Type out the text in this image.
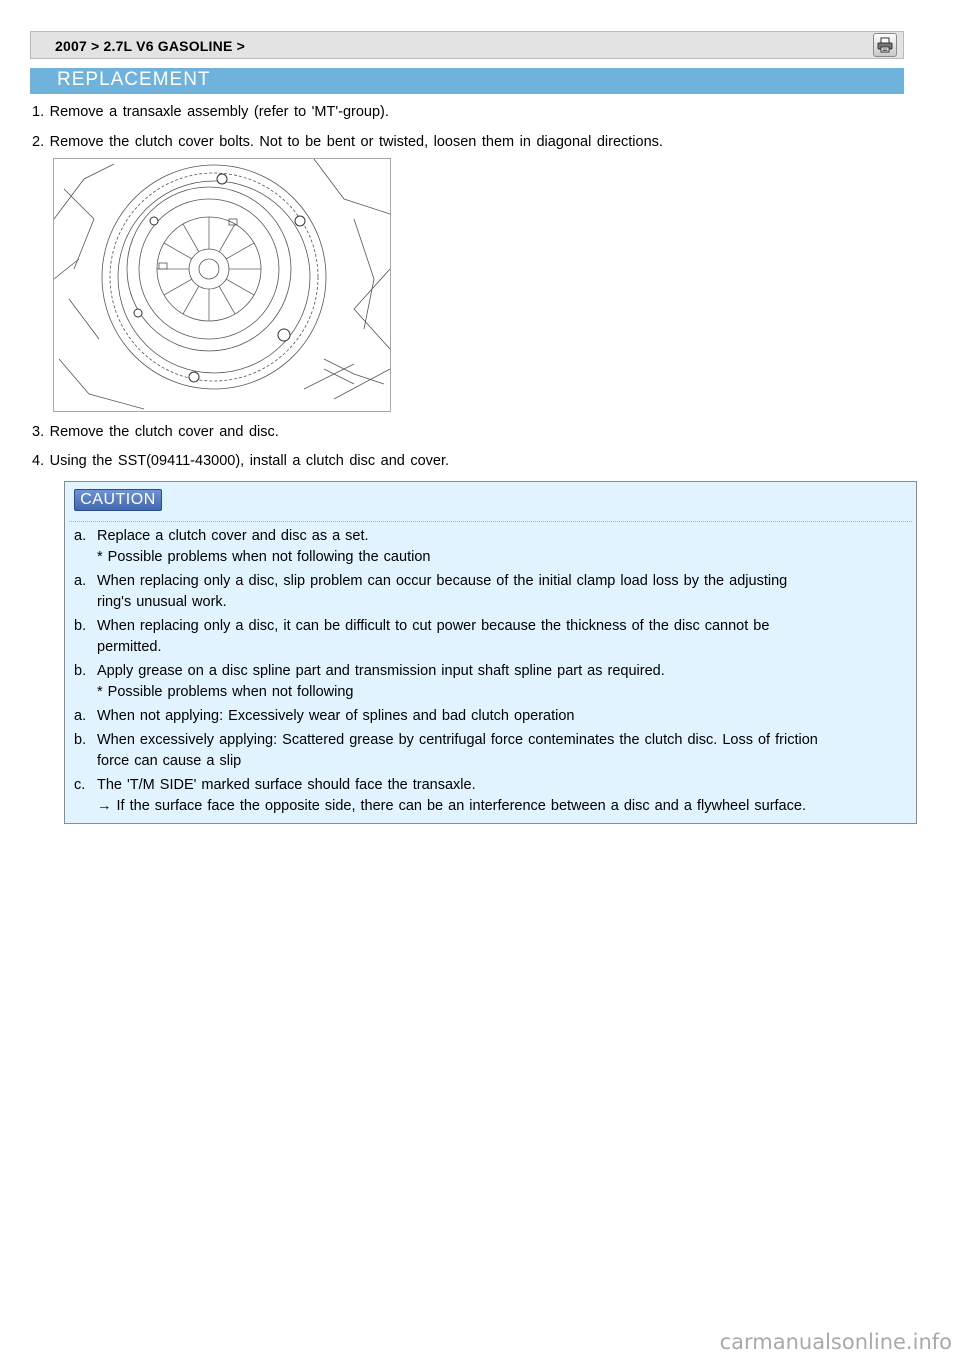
2007 > 2.7L V6 GASOLINE >
REPLACEMENT
1. Remove a transaxle assembly (refer to 'MT'-group).
2. Remove the clutch cover bolts. Not to be bent or twisted, loosen them in diagonal directions.
3. Remove the clutch cover and disc.
4. Using the SST(09411-43000), install a clutch disc and cover.
CAUTION
a. Replace a clutch cover and disc as a set.
* Possible problems when not following the caution
a. When replacing only a disc, slip problem can occur because of the initial clamp load loss by the adjusting
ring's unusual work.
b. When replacing only a disc, it can be difficult to cut power because the thickness of the disc cannot be
permitted.
b. Apply grease on a disc spline part and transmission input shaft spline part as required.
* Possible problems when not following
a. When not applying: Excessively wear of splines and bad clutch operation
b. When excessively applying: Scattered grease by centrifugal force conteminates the clutch disc. Loss of friction
force can cause a slip
c. The 'T/M SIDE' marked surface should face the transaxle.
→ If the surface face the opposite side, there can be an interference between a disc and a flywheel surface.
carmanualsonline.info
